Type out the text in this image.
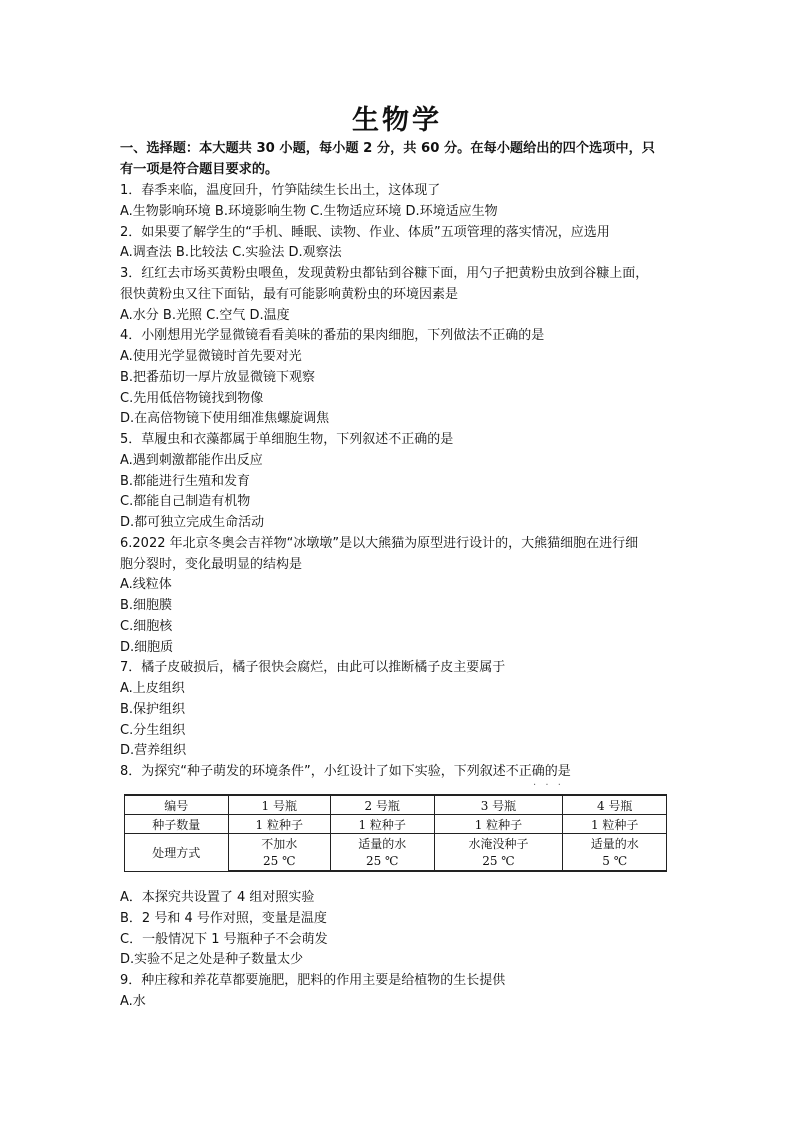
生物学
一、选择题：本大题共 30 小题，每小题 2 分，共 60 分。在每小题给出的四个选项中，只
有一项是符合题目要求的。
1．春季来临，温度回升，竹笋陆续生长出土，这体现了
A.生物影响环境 B.环境影响生物 C.生物适应环境 D.环境适应生物
2．如果要了解学生的“手机、睡眠、读物、作业、体质”五项管理的落实情况，应选用
A.调查法 B.比较法 C.实验法 D.观察法
3．红红去市场买黄粉虫喂鱼，发现黄粉虫都钻到谷糠下面，用勺子把黄粉虫放到谷糠上面，
很快黄粉虫又往下面钻，最有可能影响黄粉虫的环境因素是
A.水分 B.光照 C.空气 D.温度
4．小刚想用光学显微镜看看美味的番茄的果肉细胞，下列做法不正确的是
A.使用光学显微镜时首先要对光
B.把番茄切一厚片放显微镜下观察
C.先用低倍物镜找到物像
D.在高倍物镜下使用细准焦螺旋调焦
5．草履虫和衣藻都属于单细胞生物，下列叙述不正确的是
A.遇到刺激都能作出反应
B.都能进行生殖和发育
C.都能自己制造有机物
D.都可独立完成生命活动
6.2022 年北京冬奥会吉祥物“冰墩墩”是以大熊猫为原型进行设计的，大熊猫细胞在进行细
胞分裂时，变化最明显的结构是
A.线粒体
B.细胞膜
C.细胞核
D.细胞质
7．橘子皮破损后，橘子很快会腐烂，由此可以推断橘子皮主要属于
A.上皮组织
B.保护组织
C.分生组织
D.营养组织
8．为探究“种子萌发的环境条件”，小红设计了如下实验，下列叙述不正确的是
· · ·
编号	1 号瓶	2 号瓶	3 号瓶	4 号瓶
种子数量	1 粒种子	1 粒种子	1 粒种子	1 粒种子
处理方式	不加水	适量的水	水淹没种子	适量的水
	25 ℃	25 ℃	25 ℃	5 ℃
A．本探究共设置了 4 组对照实验
B．2 号和 4 号作对照，变量是温度
C．一般情况下 1 号瓶种子不会萌发
D.实验不足之处是种子数量太少
9．种庄稼和养花草都要施肥，肥料的作用主要是给植物的生长提供
A.水
